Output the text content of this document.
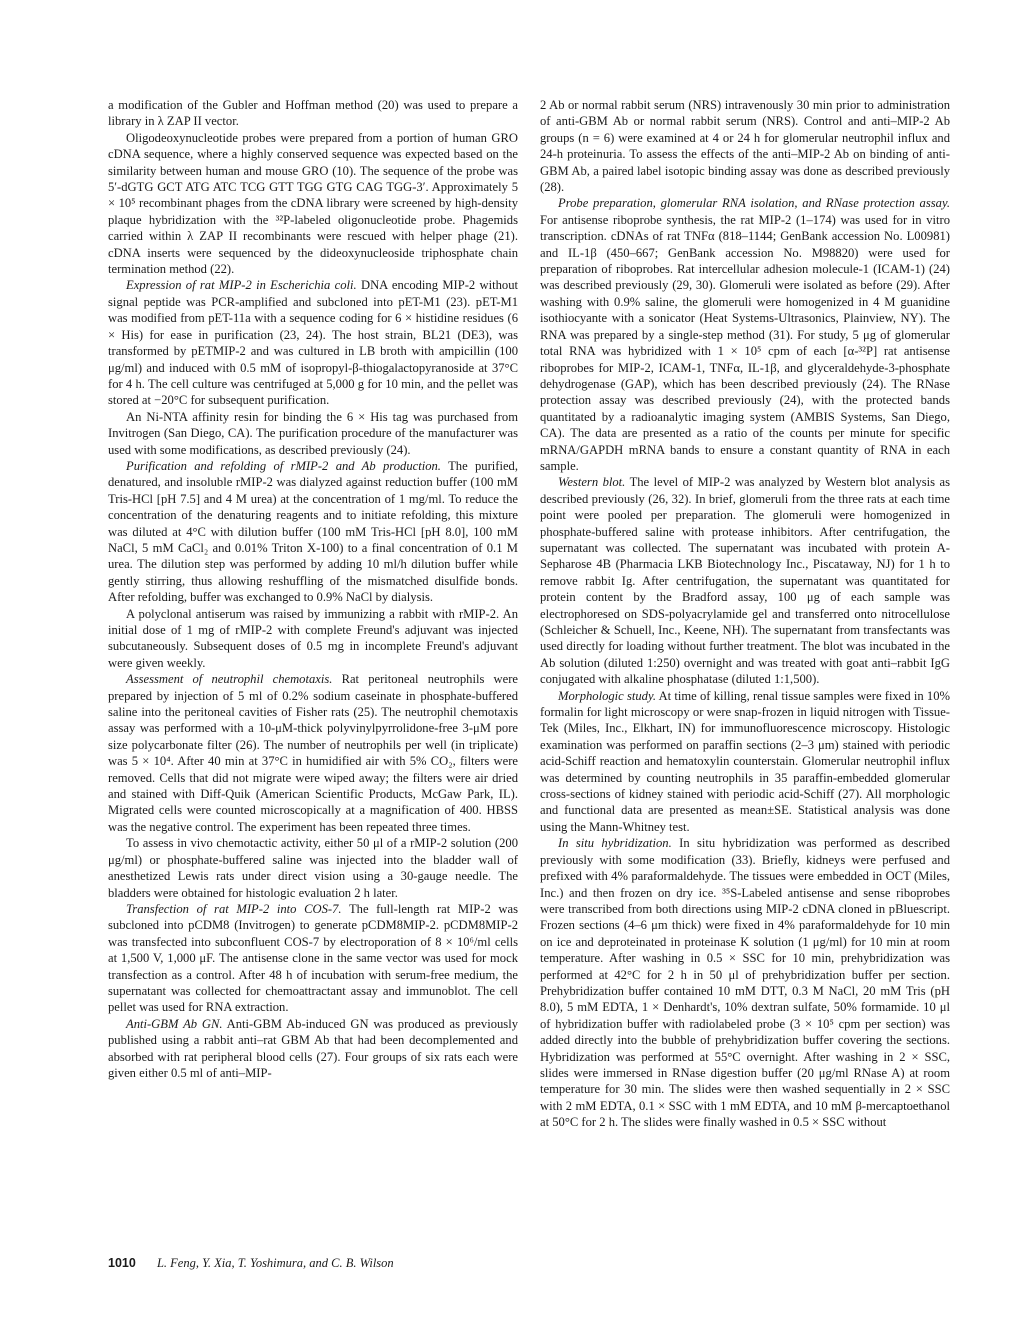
a modification of the Gubler and Hoffman method (20) was used to prepare a library in λ ZAP II vector.

Oligodeoxynucleotide probes were prepared from a portion of human GRO cDNA sequence, where a highly conserved sequence was expected based on the similarity between human and mouse GRO (10). The sequence of the probe was 5′-dGTG GCT ATG ATC TCG GTT TGG GTG CAG TGG-3′. Approximately 5 × 10⁵ recombinant phages from the cDNA library were screened by high-density plaque hybridization with the ³²P-labeled oligonucleotide probe. Phagemids carried within λ ZAP II recombinants were rescued with helper phage (21). cDNA inserts were sequenced by the dideoxynucleoside triphosphate chain termination method (22).

Expression of rat MIP-2 in Escherichia coli. DNA encoding MIP-2 without signal peptide was PCR-amplified and subcloned into pET-M1 (23). pET-M1 was modified from pET-11a with a sequence coding for 6 × histidine residues (6 × His) for ease in purification (23, 24). The host strain, BL21 (DE3), was transformed by pETMIP-2 and was cultured in LB broth with ampicillin (100 μg/ml) and induced with 0.5 mM of isopropyl-β-thiogalactopyranoside at 37°C for 4 h. The cell culture was centrifuged at 5,000 g for 10 min, and the pellet was stored at −20°C for subsequent purification.

An Ni-NTA affinity resin for binding the 6 × His tag was purchased from Invitrogen (San Diego, CA). The purification procedure of the manufacturer was used with some modifications, as described previously (24).

Purification and refolding of rMIP-2 and Ab production. The purified, denatured, and insoluble rMIP-2 was dialyzed against reduction buffer (100 mM Tris-HCl [pH 7.5] and 4 M urea) at the concentration of 1 mg/ml. To reduce the concentration of the denaturing reagents and to initiate refolding, this mixture was diluted at 4°C with dilution buffer (100 mM Tris-HCl [pH 8.0], 100 mM NaCl, 5 mM CaCl₂ and 0.01% Triton X-100) to a final concentration of 0.1 M urea. The dilution step was performed by adding 10 ml/h dilution buffer while gently stirring, thus allowing reshuffling of the mismatched disulfide bonds. After refolding, buffer was exchanged to 0.9% NaCl by dialysis.

A polyclonal antiserum was raised by immunizing a rabbit with rMIP-2. An initial dose of 1 mg of rMIP-2 with complete Freund's adjuvant was injected subcutaneously. Subsequent doses of 0.5 mg in incomplete Freund's adjuvant were given weekly.

Assessment of neutrophil chemotaxis. Rat peritoneal neutrophils were prepared by injection of 5 ml of 0.2% sodium caseinate in phosphate-buffered saline into the peritoneal cavities of Fisher rats (25). The neutrophil chemotaxis assay was performed with a 10-μM-thick polyvinylpyrrolidone-free 3-μM pore size polycarbonate filter (26). The number of neutrophils per well (in triplicate) was 5 × 10⁴. After 40 min at 37°C in humidified air with 5% CO₂, filters were removed. Cells that did not migrate were wiped away; the filters were air dried and stained with Diff-Quik (American Scientific Products, McGaw Park, IL). Migrated cells were counted microscopically at a magnification of 400. HBSS was the negative control. The experiment has been repeated three times.

To assess in vivo chemotactic activity, either 50 μl of a rMIP-2 solution (200 μg/ml) or phosphate-buffered saline was injected into the bladder wall of anesthetized Lewis rats under direct vision using a 30-gauge needle. The bladders were obtained for histologic evaluation 2 h later.

Transfection of rat MIP-2 into COS-7. The full-length rat MIP-2 was subcloned into pCDM8 (Invitrogen) to generate pCDM8MIP-2. pCDM8MIP-2 was transfected into subconfluent COS-7 by electroporation of 8 × 10⁶/ml cells at 1,500 V, 1,000 μF. The antisense clone in the same vector was used for mock transfection as a control. After 48 h of incubation with serum-free medium, the supernatant was collected for chemoattractant assay and immunoblot. The cell pellet was used for RNA extraction.

Anti-GBM Ab GN. Anti-GBM Ab-induced GN was produced as previously published using a rabbit anti–rat GBM Ab that had been decomplemented and absorbed with rat peripheral blood cells (27). Four groups of six rats each were given either 0.5 ml of anti–MIP-

2 Ab or normal rabbit serum (NRS) intravenously 30 min prior to administration of anti-GBM Ab or normal rabbit serum (NRS). Control and anti–MIP-2 Ab groups (n = 6) were examined at 4 or 24 h for glomerular neutrophil influx and 24-h proteinuria. To assess the effects of the anti–MIP-2 Ab on binding of anti-GBM Ab, a paired label isotopic binding assay was done as described previously (28).

Probe preparation, glomerular RNA isolation, and RNase protection assay. For antisense riboprobe synthesis, the rat MIP-2 (1–174) was used for in vitro transcription. cDNAs of rat TNFα (818–1144; GenBank accession No. L00981) and IL-1β (450–667; GenBank accession No. M98820) were used for preparation of riboprobes. Rat intercellular adhesion molecule-1 (ICAM-1) (24) was described previously (29, 30). Glomeruli were isolated as before (29). After washing with 0.9% saline, the glomeruli were homogenized in 4 M guanidine isothiocyante with a sonicator (Heat Systems-Ultrasonics, Plainview, NY). The RNA was prepared by a single-step method (31). For study, 5 μg of glomerular total RNA was hybridized with 1 × 10⁵ cpm of each [α-³²P] rat antisense riboprobes for MIP-2, ICAM-1, TNFα, IL-1β, and glyceraldehyde-3-phosphate dehydrogenase (GAP), which has been described previously (24). The RNase protection assay was described previously (24), with the protected bands quantitated by a radioanalytic imaging system (AMBIS Systems, San Diego, CA). The data are presented as a ratio of the counts per minute for specific mRNA/GAPDH mRNA bands to ensure a constant quantity of RNA in each sample.

Western blot. The level of MIP-2 was analyzed by Western blot analysis as described previously (26, 32). In brief, glomeruli from the three rats at each time point were pooled per preparation. The glomeruli were homogenized in phosphate-buffered saline with protease inhibitors. After centrifugation, the supernatant was collected. The supernatant was incubated with protein A-Sepharose 4B (Pharmacia LKB Biotechnology Inc., Piscataway, NJ) for 1 h to remove rabbit Ig. After centrifugation, the supernatant was quantitated for protein content by the Bradford assay, 100 μg of each sample was electrophoresed on SDS-polyacrylamide gel and transferred onto nitrocellulose (Schleicher & Schuell, Inc., Keene, NH). The supernatant from transfectants was used directly for loading without further treatment. The blot was incubated in the Ab solution (diluted 1:250) overnight and was treated with goat anti–rabbit IgG conjugated with alkaline phosphatase (diluted 1:1,500).

Morphologic study. At time of killing, renal tissue samples were fixed in 10% formalin for light microscopy or were snap-frozen in liquid nitrogen with Tissue-Tek (Miles, Inc., Elkhart, IN) for immunofluorescence microscopy. Histologic examination was performed on paraffin sections (2–3 μm) stained with periodic acid-Schiff reaction and hematoxylin counterstain. Glomerular neutrophil influx was determined by counting neutrophils in 35 paraffin-embedded glomerular cross-sections of kidney stained with periodic acid-Schiff (27). All morphologic and functional data are presented as mean±SE. Statistical analysis was done using the Mann-Whitney test.

In situ hybridization. In situ hybridization was performed as described previously with some modification (33). Briefly, kidneys were perfused and prefixed with 4% paraformaldehyde. The tissues were embedded in OCT (Miles, Inc.) and then frozen on dry ice. ³⁵S-Labeled antisense and sense riboprobes were transcribed from both directions using MIP-2 cDNA cloned in pBluescript. Frozen sections (4–6 μm thick) were fixed in 4% paraformaldehyde for 10 min on ice and deproteinated in proteinase K solution (1 μg/ml) for 10 min at room temperature. After washing in 0.5 × SSC for 10 min, prehybridization was performed at 42°C for 2 h in 50 μl of prehybridization buffer per section. Prehybridization buffer contained 10 mM DTT, 0.3 M NaCl, 20 mM Tris (pH 8.0), 5 mM EDTA, 1 × Denhardt's, 10% dextran sulfate, 50% formamide. 10 μl of hybridization buffer with radiolabeled probe (3 × 10⁵ cpm per section) was added directly into the bubble of prehybridization buffer covering the sections. Hybridization was performed at 55°C overnight. After washing in 2 × SSC, slides were immersed in RNase digestion buffer (20 μg/ml RNase A) at room temperature for 30 min. The slides were then washed sequentially in 2 × SSC with 2 mM EDTA, 0.1 × SSC with 1 mM EDTA, and 10 mM β-mercaptoethanol at 50°C for 2 h. The slides were finally washed in 0.5 × SSC without

1010 L. Feng, Y. Xia, T. Yoshimura, and C. B. Wilson
